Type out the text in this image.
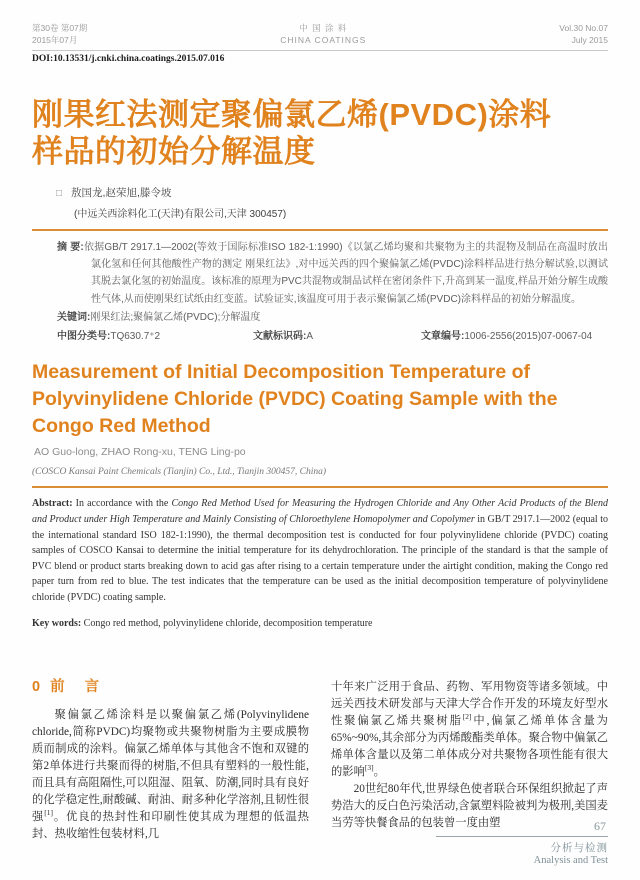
第30卷 第07期
2015年07月
中 国 涂 料
CHINA COATINGS
Vol.30 No.07
July 2015
DOI:10.13531/j.cnki.china.coatings.2015.07.016
刚果红法测定聚偏氯乙烯(PVDC)涂料
样品的初始分解温度
□ 敖国龙,赵荣旭,滕令坡
(中远关西涂料化工(天津)有限公司,天津 300457)

摘 要:依据GB/T 2917.1—2002(等效于国际标准ISO 182-1:1990)《以氯乙烯均聚和共聚物为主的共混物及制品在高温时放出氯化氢和任何其他酸性产物的测定 刚果红法》,对中远关西的四个聚偏氯乙烯(PVDC)涂料样品进行热分解试验,以测试其脱去氯化氢的初始温度。该标准的原理为PVC共混物或制品试样在密闭条件下,升高到某一温度,样品开始分解生成酸性气体,从而使刚果红试纸由红变蓝。试验证实,该温度可用于表示聚偏氯乙烯(PVDC)涂料样品的初始分解温度。

关键词:刚果红法;聚偏氯乙烯(PVDC);分解温度

中图分类号:TQ630.7⁺2	文献标识码:A	文章编号:1006-2556(2015)07-0067-04
Measurement of Initial Decomposition Temperature of
Polyvinylidene Chloride (PVDC) Coating Sample with the
Congo Red Method
AO Guo-long, ZHAO Rong-xu, TENG Ling-po
(COSCO Kansai Paint Chemicals (Tianjin) Co., Ltd., Tianjin 300457, China)

Abstract: In accordance with the Congo Red Method Used for Measuring the Hydrogen Chloride and Any Other Acid Products of the Blend and Product under High Temperature and Mainly Consisting of Chloroethylene Homopolymer and Copolymer in GB/T 2917.1—2002 (equal to the international standard ISO 182-1:1990), the thermal decomposition test is conducted for four polyvinylidene chloride (PVDC) coating samples of COSCO Kansai to determine the initial temperature for its dehydrochloration. The principle of the standard is that the sample of PVC blend or product starts breaking down to acid gas after rising to a certain temperature under the airtight condition, making the Congo red paper turn from red to blue. The test indicates that the temperature can be used as the initial decomposition temperature of polyvinylidene chloride (PVDC) coating sample.

Key words: Congo red method, polyvinylidene chloride, decomposition temperature

0 前 言

聚偏氯乙烯涂料是以聚偏氯乙烯(Polyvinylidene chloride,简称PVDC)均聚物或共聚物树脂为主要成膜物质而制成的涂料。偏氯乙烯单体与其他含不饱和双键的第2单体进行共聚而得的树脂,不但具有塑料的一般性能,而且具有高阻隔性,可以阻湿、阻氧、防潮,同时具有良好的化学稳定性,耐酸碱、耐油、耐多种化学溶剂,且韧性很强[1]。优良的热封性和印刷性使其成为理想的低温热封、热收缩性包装材料,几

十年来广泛用于食品、药物、军用物资等诸多领域。中远关西技术研发部与天津大学合作开发的环境友好型水性聚偏氯乙烯共聚树脂[2]中,偏氯乙烯单体含量为65%~90%,其余部分为丙烯酸酯类单体。聚合物中偏氯乙烯单体含量以及第二单体成分对共聚物各项性能有很大的影响[3]。

20世纪80年代,世界绿色使者联合环保组织掀起了声势浩大的反白色污染活动,含氯塑料险被判为极刑,美国麦当劳等快餐食品的包装曾一度由塑	67
分析与检测
Analysis and Test
